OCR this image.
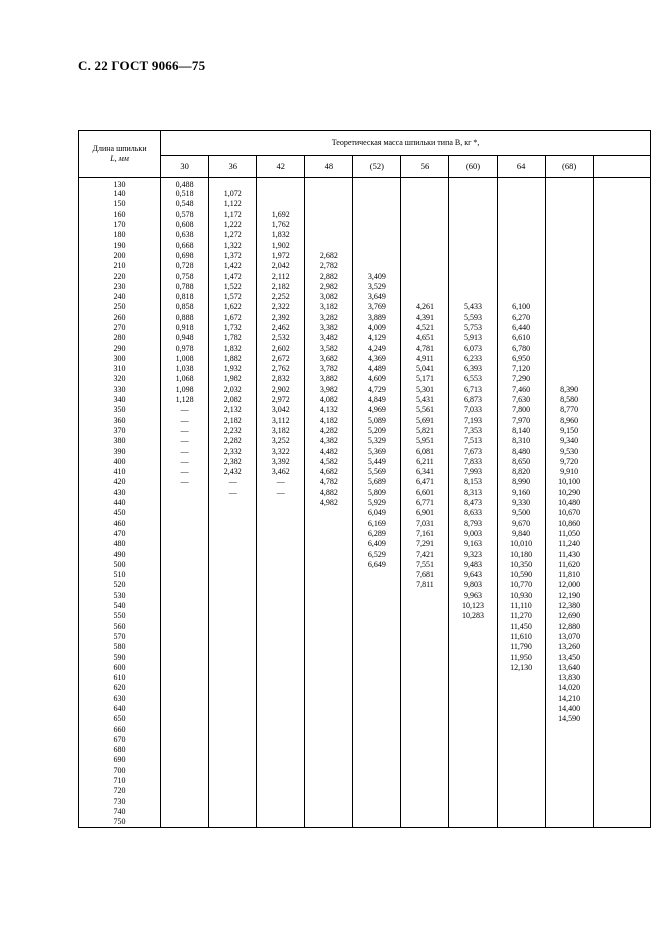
С. 22 ГОСТ 9066—75
Длина шпильки
L, мм	Теоретическая масса шпильки типа В, кг *,									
	30	36	42	48	(52)	56	(60)	64	(68)	
130	0,488									
140	0,518	1,072								
150	0,548	1,122								
160	0,578	1,172	1,692							
170	0,608	1,222	1,762							
180	0,638	1,272	1,832							
190	0,668	1,322	1,902							
200	0,698	1,372	1,972	2,682						
210	0,728	1,422	2,042	2,782						
220	0,758	1,472	2,112	2,882	3,409					
230	0,788	1,522	2,182	2,982	3,529					
240	0,818	1,572	2,252	3,082	3,649					
250	0,858	1,622	2,322	3,182	3,769	4,261	5,433	6,100		
260	0,888	1,672	2,392	3,282	3,889	4,391	5,593	6,270		
270	0,918	1,732	2,462	3,382	4,009	4,521	5,753	6,440		
280	0,948	1,782	2,532	3,482	4,129	4,651	5,913	6,610		
290	0,978	1,832	2,602	3,582	4,249	4,781	6,073	6,780		
300	1,008	1,882	2,672	3,682	4,369	4,911	6,233	6,950		
310	1,038	1,932	2,762	3,782	4,489	5,041	6,393	7,120		
320	1,068	1,982	2,832	3,882	4,609	5,171	6,553	7,290		
330	1,098	2,032	2,902	3,982	4,729	5,301	6,713	7,460	8,390	
340	1,128	2,082	2,972	4,082	4,849	5,431	6,873	7,630	8,580	
350	—	2,132	3,042	4,132	4,969	5,561	7,033	7,800	8,770	
360	—	2,182	3,112	4,182	5,089	5,691	7,193	7,970	8,960	
370	—	2,232	3,182	4,282	5,209	5,821	7,353	8,140	9,150	
380	—	2,282	3,252	4,382	5,329	5,951	7,513	8,310	9,340	
390	—	2,332	3,322	4,482	5,369	6,081	7,673	8,480	9,530	
400	—	2,382	3,392	4,582	5,449	6,211	7,833	8,650	9,720	
410	—	2,432	3,462	4,682	5,569	6,341	7,993	8,820	9,910	
420	—	—	—	4,782	5,689	6,471	8,153	8,990	10,100	
430		—	—	4,882	5,809	6,601	8,313	9,160	10,290	
440				4,982	5,929	6,771	8,473	9,330	10,480	
450					6,049	6,901	8,633	9,500	10,670	
460					6,169	7,031	8,793	9,670	10,860	
470					6,289	7,161	9,003	9,840	11,050	
480					6,409	7,291	9,163	10,010	11,240	
490					6,529	7,421	9,323	10,180	11,430	
500					6,649	7,551	9,483	10,350	11,620	
510						7,681	9,643	10,590	11,810	
520						7,811	9,803	10,770	12,000	
530							9,963	10,930	12,190	
540							10,123	11,110	12,380	
550							10,283	11,270	12,690	
560								11,450	12,880	
570								11,610	13,070	
580								11,790	13,260	
590								11,950	13,450	
600								12,130	13,640	
610									13,830	
620									14,020	
630									14,210	
640									14,400	
650									14,590	
660										
670										
680										
690										
700										
710										
720										
730										
740										
750										
